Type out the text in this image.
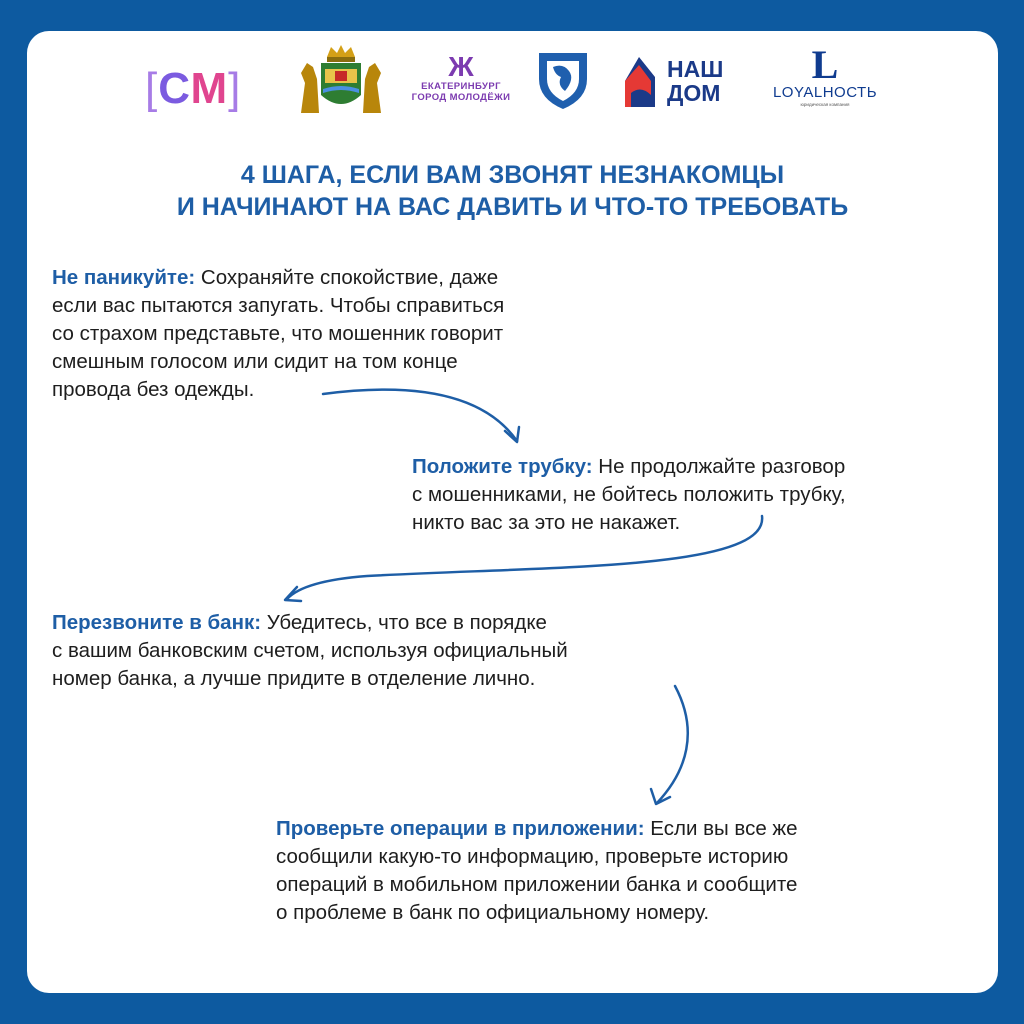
[СМ]	Ж
ЕКАТЕРИНБУРГ
ГОРОД МОЛОДЁЖИ
НАШ
ДОМ
L
LOYALНОСТЬ
юридическая компания
4 ШАГА, ЕСЛИ ВАМ ЗВОНЯТ НЕЗНАКОМЦЫ
И НАЧИНАЮТ НА ВАС ДАВИТЬ И ЧТО-ТО ТРЕБОВАТЬ
Не паникуйте: Сохраняйте спокойствие, даже
если вас пытаются запугать. Чтобы справиться
со страхом представьте, что мошенник говорит
смешным голосом или сидит на том конце
провода без одежды.
Положите трубку: Не продолжайте разговор
с мошенниками, не бойтесь положить трубку,
никто вас за это не накажет.
Перезвоните в банк: Убедитесь, что все в порядке
с вашим банковским счетом, используя официальный
номер банка, а лучше придите в отделение лично.
Проверьте операции в приложении: Если вы все же
сообщили какую-то информацию, проверьте историю
операций в мобильном приложении банка и сообщите
о проблеме в банк по официальному номеру.
